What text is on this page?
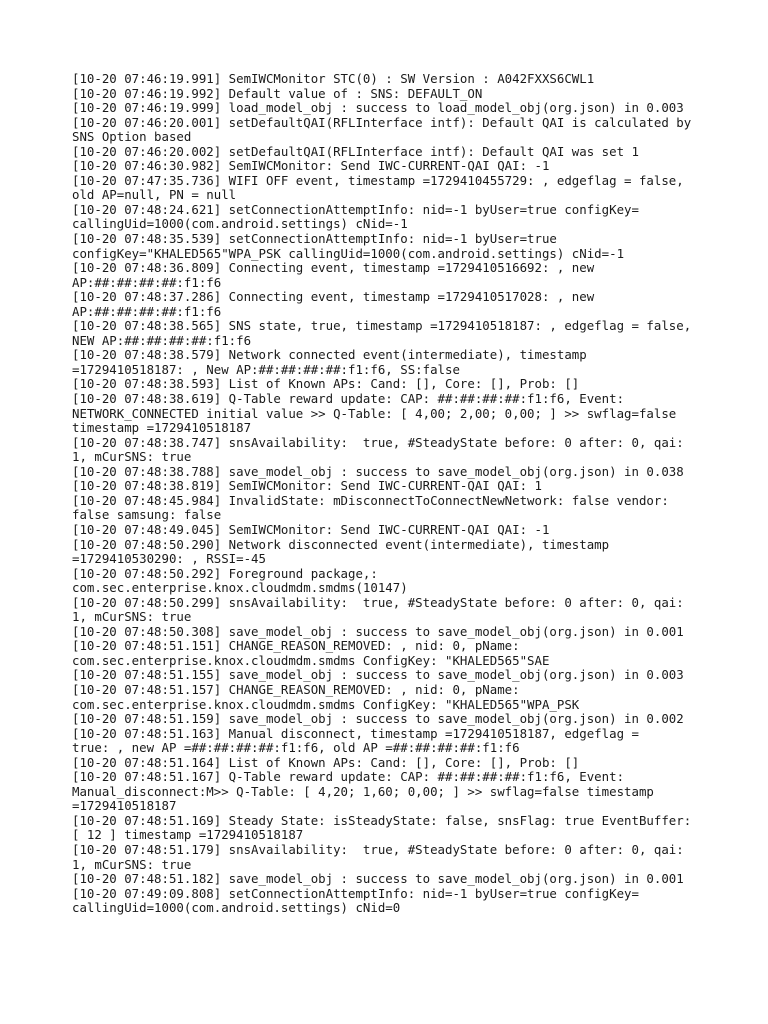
[10-20 07:46:19.991] SemIWCMonitor STC(0) : SW Version : A042FXXS6CWL1
[10-20 07:46:19.992] Default value of : SNS: DEFAULT_ON
[10-20 07:46:19.999] load_model_obj : success to load_model_obj(org.json) in 0.003
[10-20 07:46:20.001] setDefaultQAI(RFLInterface intf): Default QAI is calculated by
SNS Option based
[10-20 07:46:20.002] setDefaultQAI(RFLInterface intf): Default QAI was set 1
[10-20 07:46:30.982] SemIWCMonitor: Send IWC-CURRENT-QAI QAI: -1
[10-20 07:47:35.736] WIFI OFF event, timestamp =1729410455729: , edgeflag = false,
old AP=null, PN = null
[10-20 07:48:24.621] setConnectionAttemptInfo: nid=-1 byUser=true configKey=
callingUid=1000(com.android.settings) cNid=-1
[10-20 07:48:35.539] setConnectionAttemptInfo: nid=-1 byUser=true
configKey="KHALED565"WPA_PSK callingUid=1000(com.android.settings) cNid=-1
[10-20 07:48:36.809] Connecting event, timestamp =1729410516692: , new
AP:##:##:##:##:f1:f6
[10-20 07:48:37.286] Connecting event, timestamp =1729410517028: , new
AP:##:##:##:##:f1:f6
[10-20 07:48:38.565] SNS state, true, timestamp =1729410518187: , edgeflag = false,
NEW AP:##:##:##:##:f1:f6
[10-20 07:48:38.579] Network connected event(intermediate), timestamp
=1729410518187: , New AP:##:##:##:##:f1:f6, SS:false
[10-20 07:48:38.593] List of Known APs: Cand: [], Core: [], Prob: []
[10-20 07:48:38.619] Q-Table reward update: CAP: ##:##:##:##:f1:f6, Event:
NETWORK_CONNECTED initial value >> Q-Table: [ 4,00; 2,00; 0,00; ] >> swflag=false
timestamp =1729410518187
[10-20 07:48:38.747] snsAvailability:  true, #SteadyState before: 0 after: 0, qai:
1, mCurSNS: true
[10-20 07:48:38.788] save_model_obj : success to save_model_obj(org.json) in 0.038
[10-20 07:48:38.819] SemIWCMonitor: Send IWC-CURRENT-QAI QAI: 1
[10-20 07:48:45.984] InvalidState: mDisconnectToConnectNewNetwork: false vendor:
false samsung: false
[10-20 07:48:49.045] SemIWCMonitor: Send IWC-CURRENT-QAI QAI: -1
[10-20 07:48:50.290] Network disconnected event(intermediate), timestamp
=1729410530290: , RSSI=-45
[10-20 07:48:50.292] Foreground package,:
com.sec.enterprise.knox.cloudmdm.smdms(10147)
[10-20 07:48:50.299] snsAvailability:  true, #SteadyState before: 0 after: 0, qai:
1, mCurSNS: true
[10-20 07:48:50.308] save_model_obj : success to save_model_obj(org.json) in 0.001
[10-20 07:48:51.151] CHANGE_REASON_REMOVED: , nid: 0, pName:
com.sec.enterprise.knox.cloudmdm.smdms ConfigKey: "KHALED565"SAE
[10-20 07:48:51.155] save_model_obj : success to save_model_obj(org.json) in 0.003
[10-20 07:48:51.157] CHANGE_REASON_REMOVED: , nid: 0, pName:
com.sec.enterprise.knox.cloudmdm.smdms ConfigKey: "KHALED565"WPA_PSK
[10-20 07:48:51.159] save_model_obj : success to save_model_obj(org.json) in 0.002
[10-20 07:48:51.163] Manual disconnect, timestamp =1729410518187, edgeflag =
true: , new AP =##:##:##:##:f1:f6, old AP =##:##:##:##:f1:f6
[10-20 07:48:51.164] List of Known APs: Cand: [], Core: [], Prob: []
[10-20 07:48:51.167] Q-Table reward update: CAP: ##:##:##:##:f1:f6, Event:
Manual_disconnect:M>> Q-Table: [ 4,20; 1,60; 0,00; ] >> swflag=false timestamp
=1729410518187
[10-20 07:48:51.169] Steady State: isSteadyState: false, snsFlag: true EventBuffer:
[ 12 ] timestamp =1729410518187
[10-20 07:48:51.179] snsAvailability:  true, #SteadyState before: 0 after: 0, qai:
1, mCurSNS: true
[10-20 07:48:51.182] save_model_obj : success to save_model_obj(org.json) in 0.001
[10-20 07:49:09.808] setConnectionAttemptInfo: nid=-1 byUser=true configKey=
callingUid=1000(com.android.settings) cNid=0
